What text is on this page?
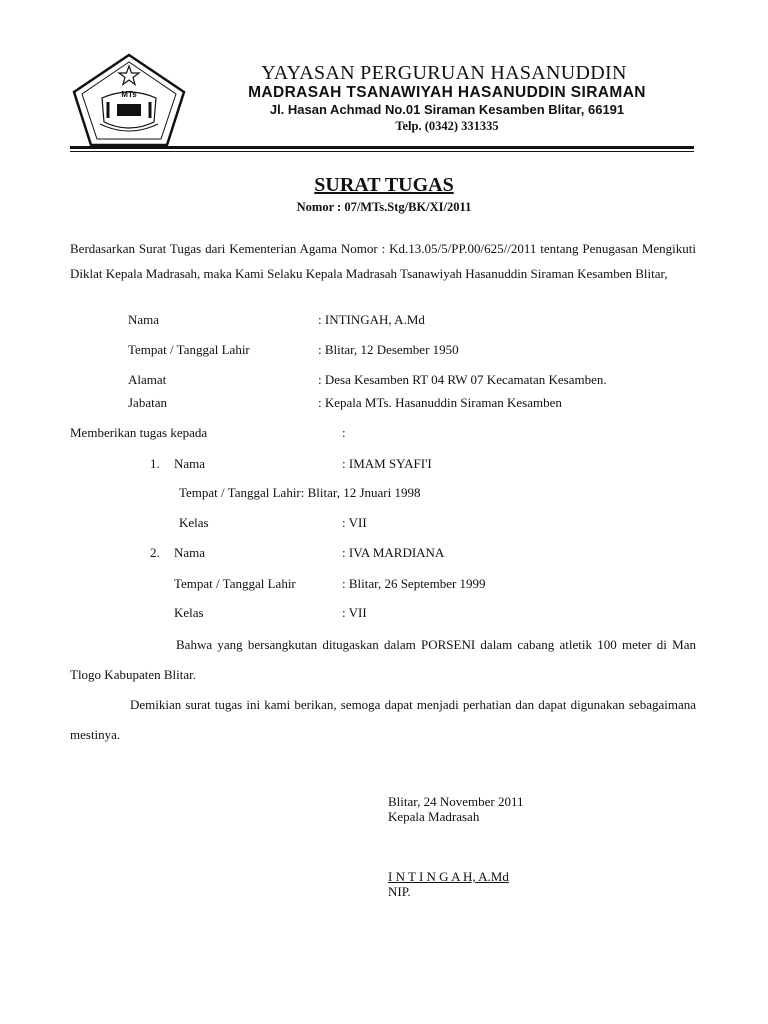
MTs
YAYASAN PERGURUAN HASANUDDIN
MADRASAH TSANAWIYAH HASANUDDIN SIRAMAN
Jl. Hasan Achmad No.01 Siraman Kesamben Blitar, 66191
Telp. (0342) 331335
SURAT TUGAS
Nomor : 07/MTs.Stg/BK/XI/2011
Berdasarkan Surat Tugas dari Kementerian Agama Nomor : Kd.13.05/5/PP.00/625//2011 tentang Penugasan Mengikuti Diklat Kepala Madrasah, maka Kami Selaku Kepala Madrasah Tsanawiyah Hasanuddin Siraman Kesamben Blitar,
Nama	: INTINGAH, A.Md
Tempat / Tanggal Lahir	: Blitar, 12 Desember 1950
Alamat	: Desa Kesamben RT 04 RW 07 Kecamatan Kesamben.
Jabatan	: Kepala MTs. Hasanuddin Siraman Kesamben
Memberikan tugas kepada	:
1. Nama	: IMAM SYAFI'I
Tempat / Tanggal Lahir: Blitar, 12 Jnuari 1998
Kelas	: VII
2. Nama	: IVA MARDIANA
Tempat / Tanggal Lahir	: Blitar, 26 September 1999
Kelas	: VII
Bahwa yang bersangkutan ditugaskan dalam PORSENI dalam cabang atletik 100 meter di Man Tlogo Kabupaten Blitar.
Demikian surat tugas ini kami berikan, semoga dapat menjadi perhatian dan dapat digunakan sebagaimana mestinya.
Blitar, 24 November 2011
Kepala Madrasah
I N T I N G A H, A.Md
NIP.
